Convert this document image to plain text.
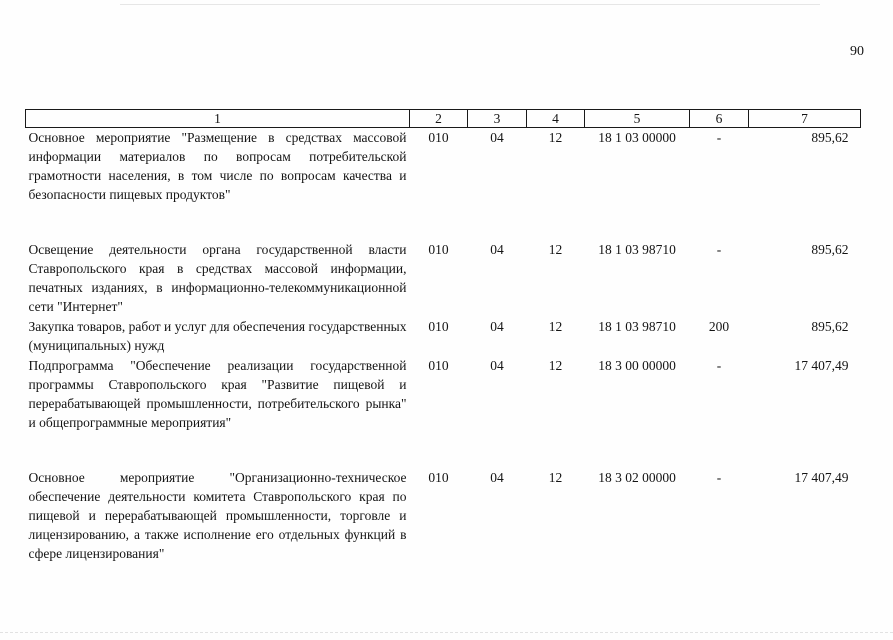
90
1	2	3	4	5	6	7
Основное мероприятие "Размещение в средствах массовой информации материалов по вопросам потребительской грамотности населения, в том числе по вопросам качества и безопасности пищевых продуктов"	010	04	12	18 1 03 00000	-	895,62
Освещение деятельности органа государственной власти Ставропольского края в средствах массовой информации, печатных изданиях, в информационно-телекоммуникационной сети "Интернет"	010	04	12	18 1 03 98710	-	895,62
Закупка товаров, работ и услуг для обеспечения государственных (муниципальных) нужд	010	04	12	18 1 03 98710	200	895,62
Подпрограмма "Обеспечение реализации государственной программы Ставропольского края "Развитие пищевой и перерабатывающей промышленности, потребительского рынка" и общепрограммные мероприятия"	010	04	12	18 3 00 00000	-	17 407,49
Основное мероприятие "Организационно-техническое обеспечение деятельности комитета Ставропольского края по пищевой и перерабатывающей промышленности, торговле и лицензированию, а также исполнение его отдельных функций в сфере лицензирования"	010	04	12	18 3 02 00000	-	17 407,49
